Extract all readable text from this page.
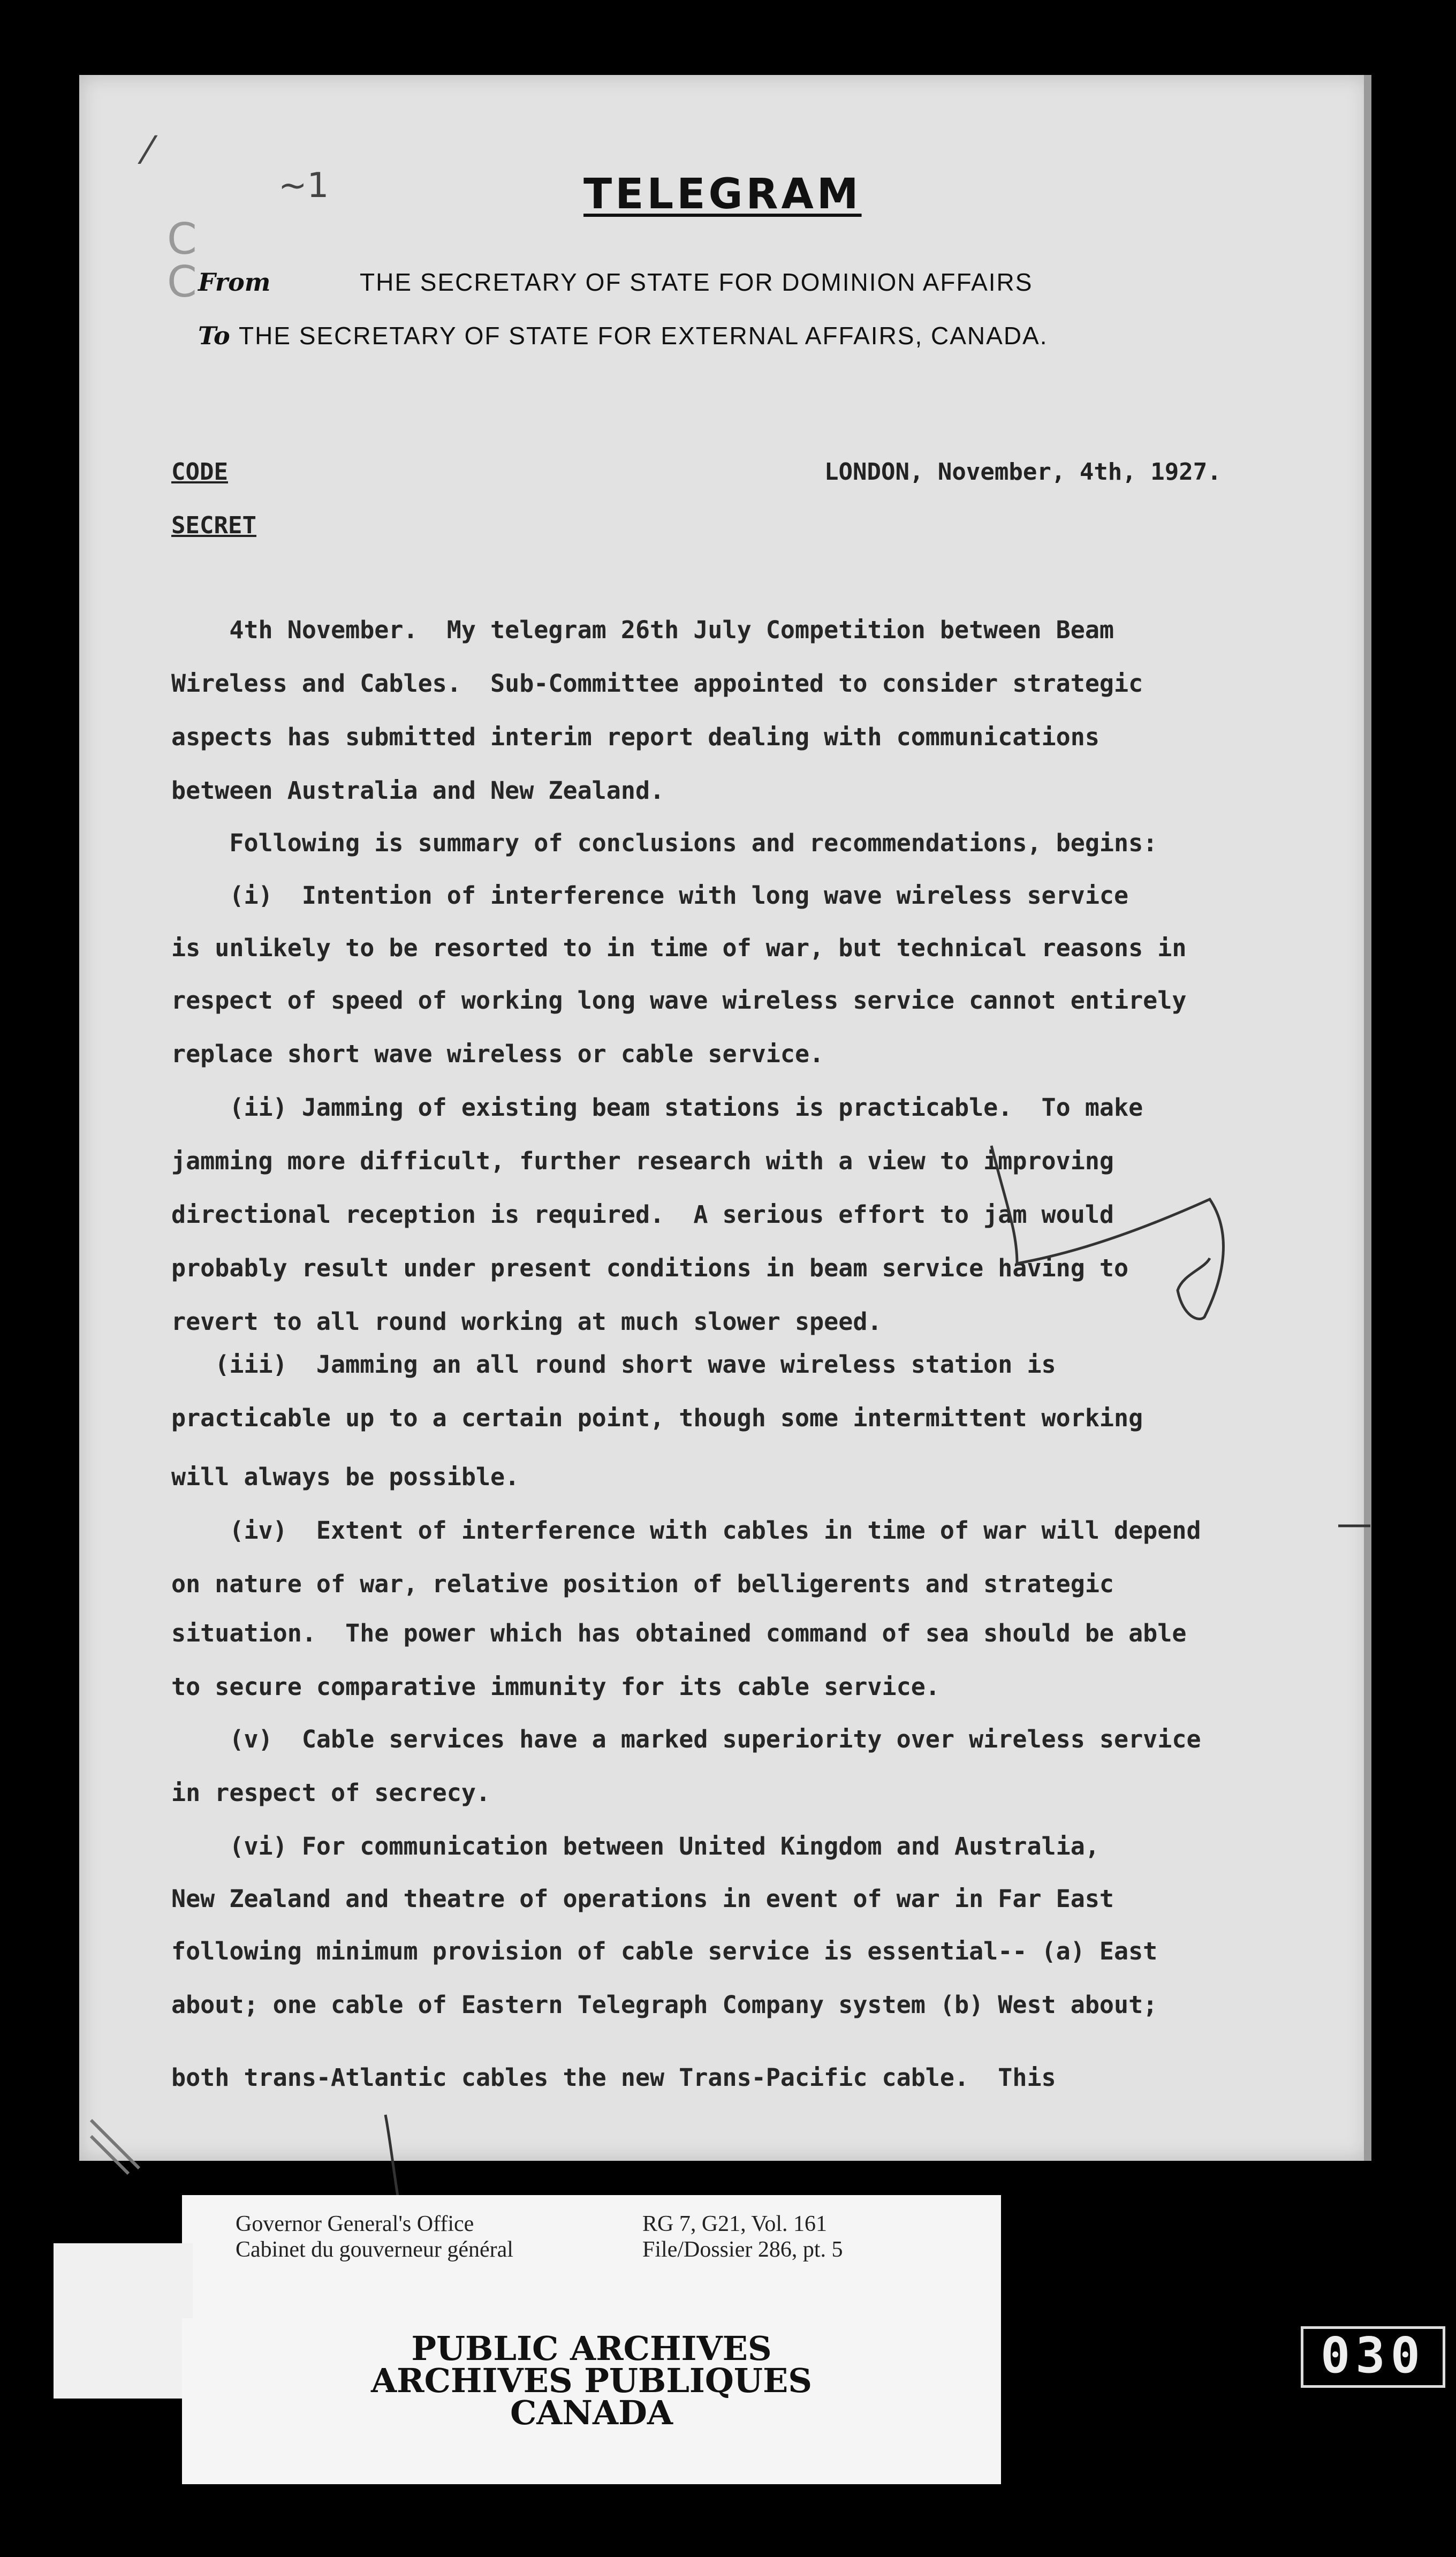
⁄
~1
C
C
TELEGRAM
From	THE SECRETARY OF STATE FOR DOMINION AFFAIRS
To THE SECRETARY OF STATE FOR EXTERNAL AFFAIRS, CANADA.
CODE
SECRET
LONDON, November, 4th, 1927.
4th November.  My telegram 26th July Competition between Beam
Wireless and Cables.  Sub-Committee appointed to consider strategic
aspects has submitted interim report dealing with communications
between Australia and New Zealand.
Following is summary of conclusions and recommendations, begins:
(i)  Intention of interference with long wave wireless service
is unlikely to be resorted to in time of war, but technical reasons in
respect of speed of working long wave wireless service cannot entirely
replace short wave wireless or cable service.
(ii) Jamming of existing beam stations is practicable.  To make
jamming more difficult, further research with a view to improving
directional reception is required.  A serious effort to jam would
probably result under present conditions in beam service having to
revert to all round working at much slower speed.
(iii)  Jamming an all round short wave wireless station is
practicable up to a certain point, though some intermittent working
will always be possible.
(iv)  Extent of interference with cables in time of war will depend
on nature of war, relative position of belligerents and strategic
situation.  The power which has obtained command of sea should be able
to secure comparative immunity for its cable service.
(v)  Cable services have a marked superiority over wireless service
in respect of secrecy.
(vi) For communication between United Kingdom and Australia,
New Zealand and theatre of operations in event of war in Far East
following minimum provision of cable service is essential-- (a) East
about; one cable of Eastern Telegraph Company system (b) West about;
both trans-Atlantic cables the new Trans-Pacific cable.  This
Governor General's Office
Cabinet du gouverneur général
RG 7, G21, Vol. 161
File/Dossier 286, pt. 5
PUBLIC ARCHIVES
ARCHIVES PUBLIQUES
CANADA
030
